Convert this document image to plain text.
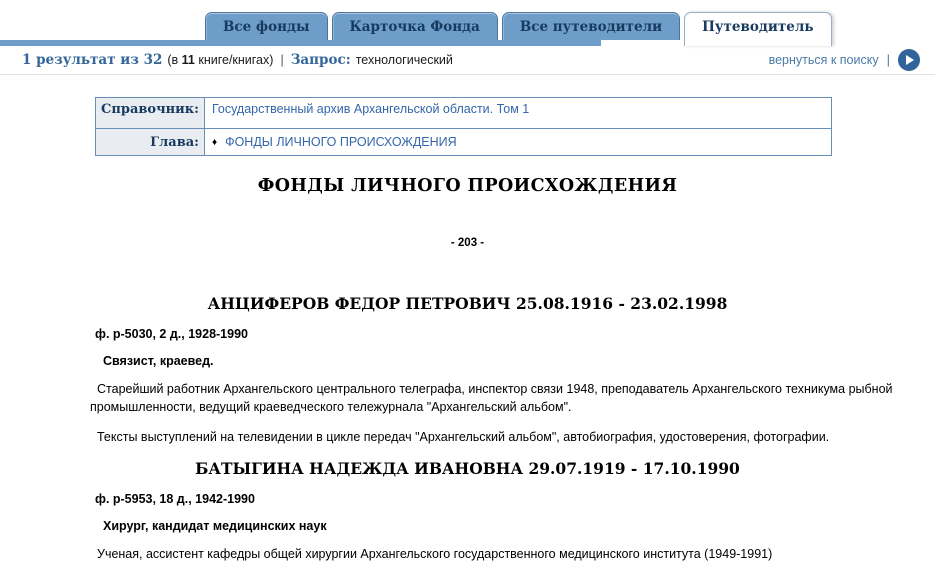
Все фонды	Карточка Фонда	Все путеводители	Путеводитель
1 результат из 32 (в 11 книге/книгах) | Запрос: технологический	вернуться к поиску |
Справочник:	Государственный архив Архангельской области. Том 1
Глава:	♦ ФОНДЫ ЛИЧНОГО ПРОИСХОЖДЕНИЯ
ФОНДЫ ЛИЧНОГО ПРОИСХОЖДЕНИЯ
- 203 -
АНЦИФЕРОВ ФЕДОР ПЕТРОВИЧ 25.08.1916 - 23.02.1998
ф. р-5030, 2 д., 1928-1990
Связист, краевед.

Старейший работник Архангельского центрального телеграфа, инспектор связи 1948, преподаватель Архангельского техникума рыбной промышленности, ведущий краеведческого тележурнала "Архангельский альбом".

Тексты выступлений на телевидении в цикле передач "Архангельский альбом", автобиография, удостоверения, фотографии.

БАТЫГИНА НАДЕЖДА ИВАНОВНА 29.07.1919 - 17.10.1990
ф. р-5953, 18 д., 1942-1990
Хирург, кандидат медицинских наук

Ученая, ассистент кафедры общей хирургии Архангельского государственного медицинского института (1949-1991)
